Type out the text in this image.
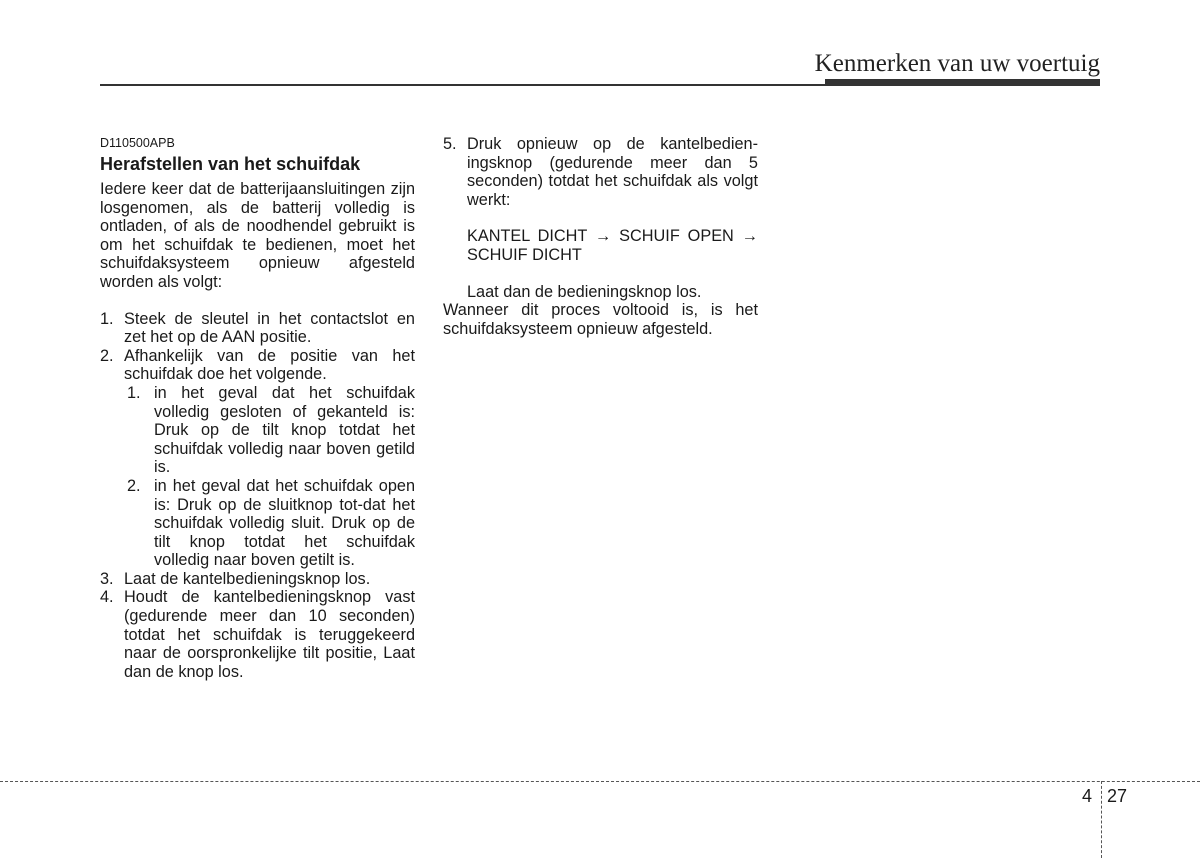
Kenmerken van uw voertuig
D110500APB
Herafstellen van het schuifdak
Iedere keer dat de batterijaansluitingen zijn losgenomen, als de batterij volledig is ontladen, of als de noodhendel gebruikt is om het schuifdak te bedienen, moet het schuifdaksysteem opnieuw afgesteld worden als volgt:
1. Steek de sleutel in het contactslot en zet het op de AAN positie.
2. Afhankelijk van de positie van het schuifdak doe het volgende.
1. in het geval dat het schuifdak volledig gesloten of gekanteld is: Druk op de tilt knop totdat het schuifdak volledig naar boven getild is.
2. in het geval dat het schuifdak open is: Druk op de sluitknop tot-dat het schuifdak volledig sluit. Druk op de tilt knop totdat het schuifdak volledig naar boven getilt is.
3. Laat de kantelbedieningsknop los.
4. Houdt de kantelbedieningsknop vast (gedurende meer dan 10 seconden) totdat het schuifdak is teruggekeerd naar de oorspronkelijke tilt positie, Laat dan de knop los.
5. Druk opnieuw op de kantelbedien-ingsknop (gedurende meer dan 5 seconden) totdat het schuifdak als volgt werkt:
KANTEL DICHT → SCHUIF OPEN → SCHUIF DICHT
Laat dan de bedieningsknop los.
Wanneer dit proces voltooid is, is het schuifdaksysteem opnieuw afgesteld.
4 27
